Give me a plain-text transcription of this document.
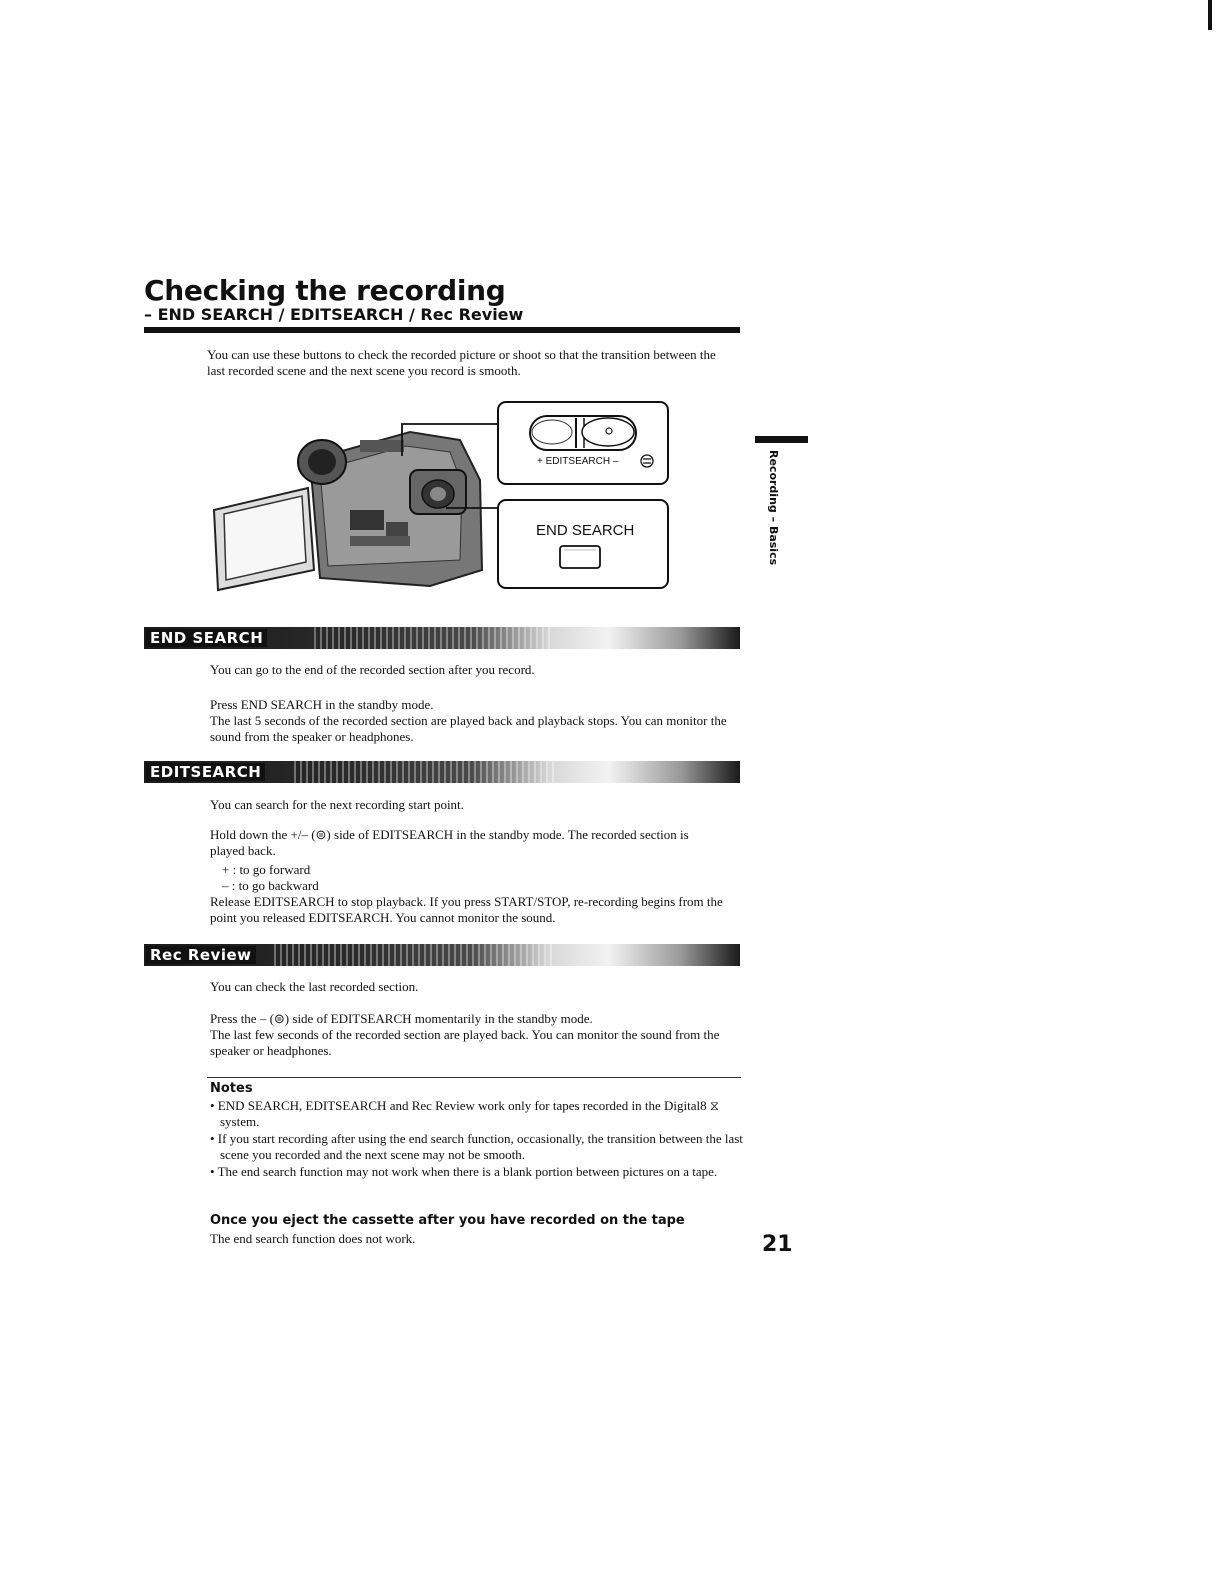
Checking the recording
– END SEARCH / EDITSEARCH / Rec Review

You can use these buttons to check the recorded picture or shoot so that the transition between the last recorded scene and the next scene you record is smooth.

+ EDITSEARCH –
END SEARCH	Recording – Basics
END SEARCH

You can go to the end of the recorded section after you record.

Press END SEARCH in the standby mode.

The last 5 seconds of the recorded section are played back and playback stops. You can monitor the sound from the speaker or headphones.

EDITSEARCH

You can search for the next recording start point.

Hold down the +/– (⊜) side of EDITSEARCH in the standby mode. The recorded section is played back.

+ : to go forward

– : to go backward

Release EDITSEARCH to stop playback. If you press START/STOP, re-recording begins from the point you released EDITSEARCH. You cannot monitor the sound.

Rec Review

You can check the last recorded section.

Press the – (⊜) side of EDITSEARCH momentarily in the standby mode.

The last few seconds of the recorded section are played back. You can monitor the sound from the speaker or headphones.

Notes

• END SEARCH, EDITSEARCH and Rec Review work only for tapes recorded in the Digital8 ⧖ system.
• If you start recording after using the end search function, occasionally, the transition between the last scene you recorded and the next scene may not be smooth.
• The end search function may not work when there is a blank portion between pictures on a tape.

Once you eject the cassette after you have recorded on the tape

The end search function does not work.	21
